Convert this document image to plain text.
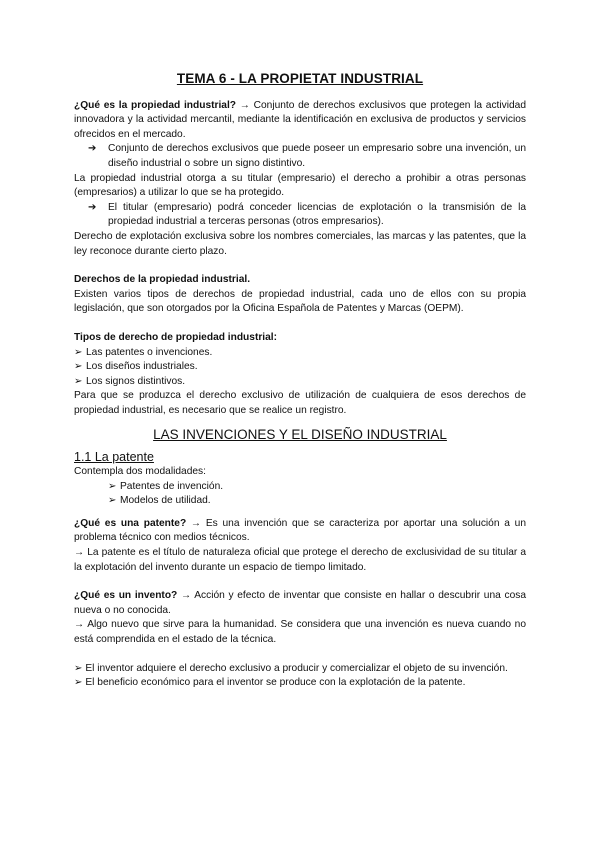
TEMA 6 - LA PROPIETAT INDUSTRIAL

¿Qué es la propiedad industrial? → Conjunto de derechos exclusivos que protegen la actividad innovadora y la actividad mercantil, mediante la identificación en exclusiva de productos y servicios ofrecidos en el mercado.

➔	Conjunto de derechos exclusivos que puede poseer un empresario sobre una invención, un diseño industrial o sobre un signo distintivo.

La propiedad industrial otorga a su titular (empresario) el derecho a prohibir a otras personas (empresarios) a utilizar lo que se ha protegido.

➔	El titular (empresario) podrá conceder licencias de explotación o la transmisión de la propiedad industrial a terceras personas (otros empresarios).

Derecho de explotación exclusiva sobre los nombres comerciales, las marcas y las patentes, que la ley reconoce durante cierto plazo.

Derechos de la propiedad industrial.

Existen varios tipos de derechos de propiedad industrial, cada uno de ellos con su propia legislación, que son otorgados por la Oficina Española de Patentes y Marcas (OEPM).

Tipos de derecho de propiedad industrial:

➢ Las patentes o invenciones.
➢ Los diseños industriales.
➢ Los signos distintivos.

Para que se produzca el derecho exclusivo de utilización de cualquiera de esos derechos de propiedad industrial, es necesario que se realice un registro.

LAS INVENCIONES Y EL DISEÑO INDUSTRIAL
1.1 La patente

Contempla dos modalidades:

➢ Patentes de invención.
➢ Modelos de utilidad.

¿Qué es una patente? → Es una invención que se caracteriza por aportar una solución a un problema técnico con medios técnicos.

→ La patente es el título de naturaleza oficial que protege el derecho de exclusividad de su titular a la explotación del invento durante un espacio de tiempo limitado.

¿Qué es un invento? → Acción y efecto de inventar que consiste en hallar o descubrir una cosa nueva o no conocida.

→ Algo nuevo que sirve para la humanidad. Se considera que una invención es nueva cuando no está comprendida en el estado de la técnica.

➢ El inventor adquiere el derecho exclusivo a producir y comercializar el objeto de su invención.

➢ El beneficio económico para el inventor se produce con la explotación de la patente.
